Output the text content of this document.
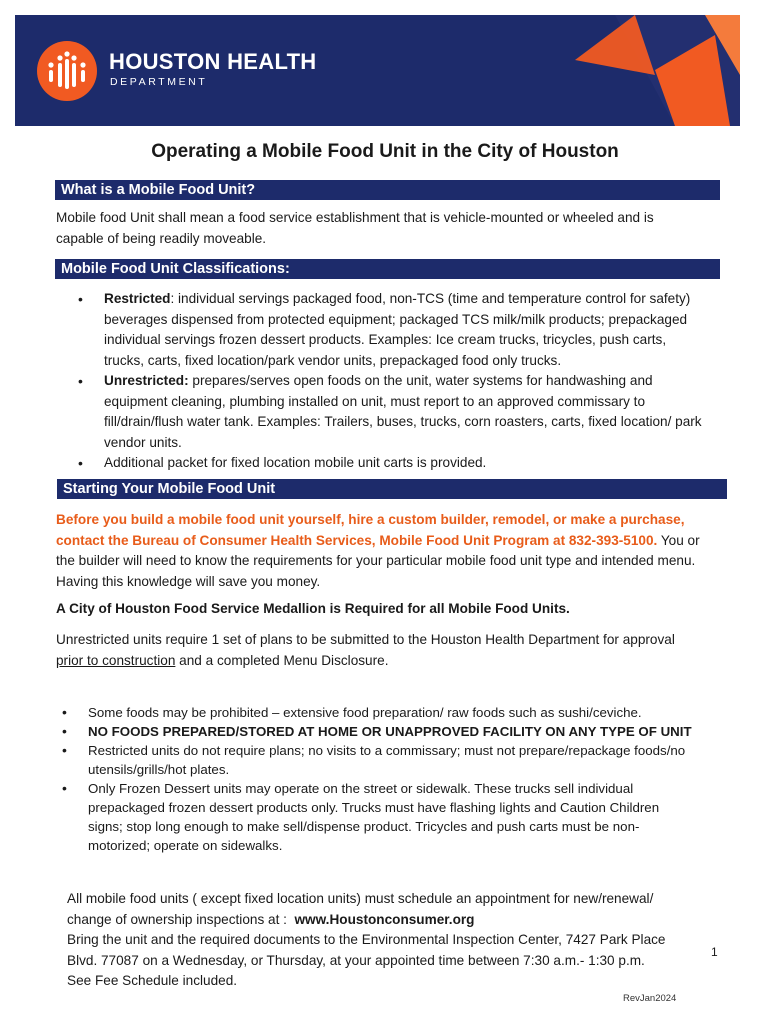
HOUSTON HEALTH
DEPARTMENT
Operating a Mobile Food Unit in the City of Houston
What is a Mobile Food Unit?
Mobile food Unit shall mean a food service establishment that is vehicle-mounted or wheeled and is
capable of being readily moveable.
Mobile Food Unit Classifications:
• Restricted: individual servings packaged food, non-TCS (time and temperature control for safety) beverages dispensed from protected equipment; packaged TCS milk/milk products; prepackaged individual servings frozen dessert products. Examples: Ice cream trucks, tricycles, push carts, trucks, carts, fixed location/park vendor units, prepackaged food only trucks.
• Unrestricted: prepares/serves open foods on the unit, water systems for handwashing and equipment cleaning, plumbing installed on unit, must report to an approved commissary to fill/drain/flush water tank. Examples: Trailers, buses, trucks, corn roasters, carts, fixed location/ park vendor units.
• Additional packet for fixed location mobile unit carts is provided.
Starting Your Mobile Food Unit
Before you build a mobile food unit yourself, hire a custom builder, remodel, or make a purchase, contact the Bureau of Consumer Health Services, Mobile Food Unit Program at 832-393-5100. You or the builder will need to know the requirements for your particular mobile food unit type and intended menu. Having this knowledge will save you money.
A City of Houston Food Service Medallion is Required for all Mobile Food Units.
Unrestricted units require 1 set of plans to be submitted to the Houston Health Department for approval prior to construction and a completed Menu Disclosure.
• Some foods may be prohibited – extensive food preparation/ raw foods such as sushi/ceviche.
• NO FOODS PREPARED/STORED AT HOME OR UNAPPROVED FACILITY ON ANY TYPE OF UNIT
• Restricted units do not require plans; no visits to a commissary; must not prepare/repackage foods/no utensils/grills/hot plates.
• Only Frozen Dessert units may operate on the street or sidewalk. These trucks sell individual prepackaged frozen dessert products only. Trucks must have flashing lights and Caution Children signs; stop long enough to make sell/dispense product. Tricycles and push carts must be non-motorized; operate on sidewalks.
All mobile food units ( except fixed location units) must schedule an appointment for new/renewal/ change of ownership inspections at : www.Houstonconsumer.org
Bring the unit and the required documents to the Environmental Inspection Center, 7427 Park Place Blvd. 77087 on a Wednesday, or Thursday, at your appointed time between 7:30 a.m.- 1:30 p.m.
See Fee Schedule included.
1
RevJan2024
